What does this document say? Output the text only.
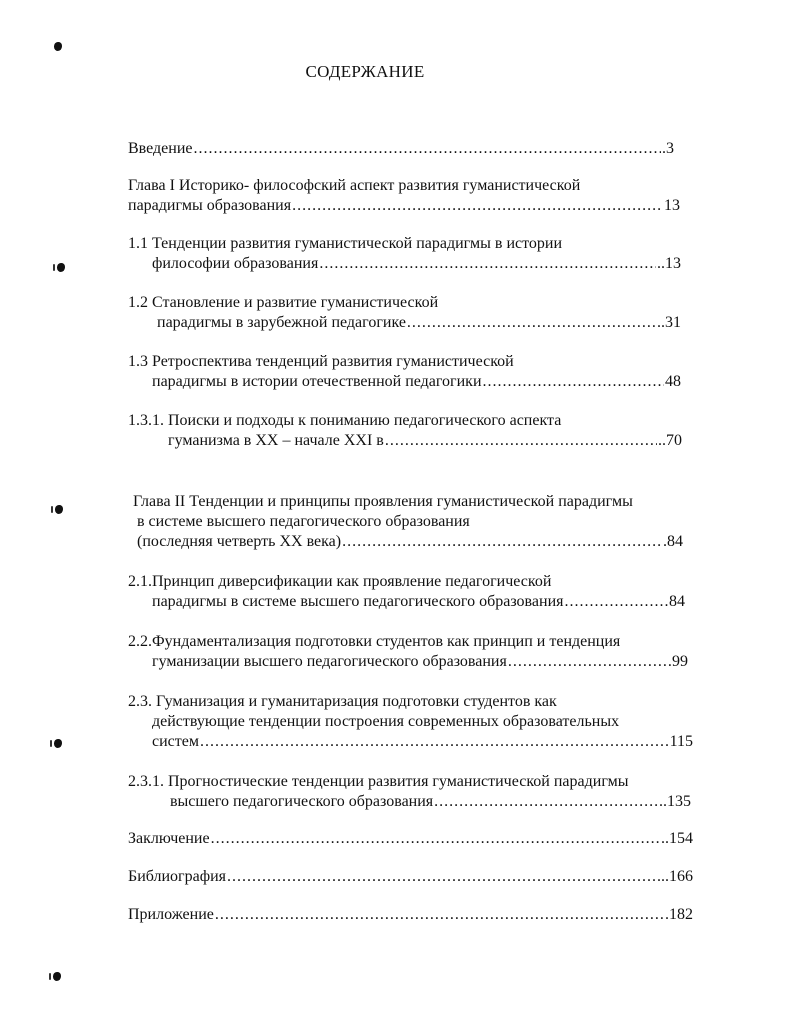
СОДЕРЖАНИЕ
Введение .....	.3
Глава I Историко- философский аспект развития гуманистической
парадигмы образования .....	13
1.1 Тенденции развития гуманистической парадигмы в истории
философии образования .....	..13
1.2 Становление и развитие гуманистической
парадигмы в зарубежной педагогике .....	..31
1.3 Ретроспектива тенденций развития гуманистической
парадигмы в истории отечественной педагогики .....	48
1.3.1. Поиски и подходы к пониманию педагогического аспекта
гуманизма в XX – начале XXI в .....	..70
Глава II Тенденции и принципы проявления гуманистической парадигмы
в системе высшего педагогического образования
(последняя четверть XX века) .....	.84
2.1.Принцип диверсификации как проявление педагогической
парадигмы в системе высшего педагогического образования .....	84
2.2.Фундаментализация подготовки студентов как принцип и тенденция
гуманизации высшего педагогического образования .....	99
2.3. Гуманизация и гуманитаризация подготовки студентов как
действующие тенденции построения современных образовательных
систем .....	115
2.3.1. Прогностические тенденции развития гуманистической парадигмы
высшего педагогического образования .....	..135
Заключение .....	..154
Библиография .....	..166
Приложение .....	.182
